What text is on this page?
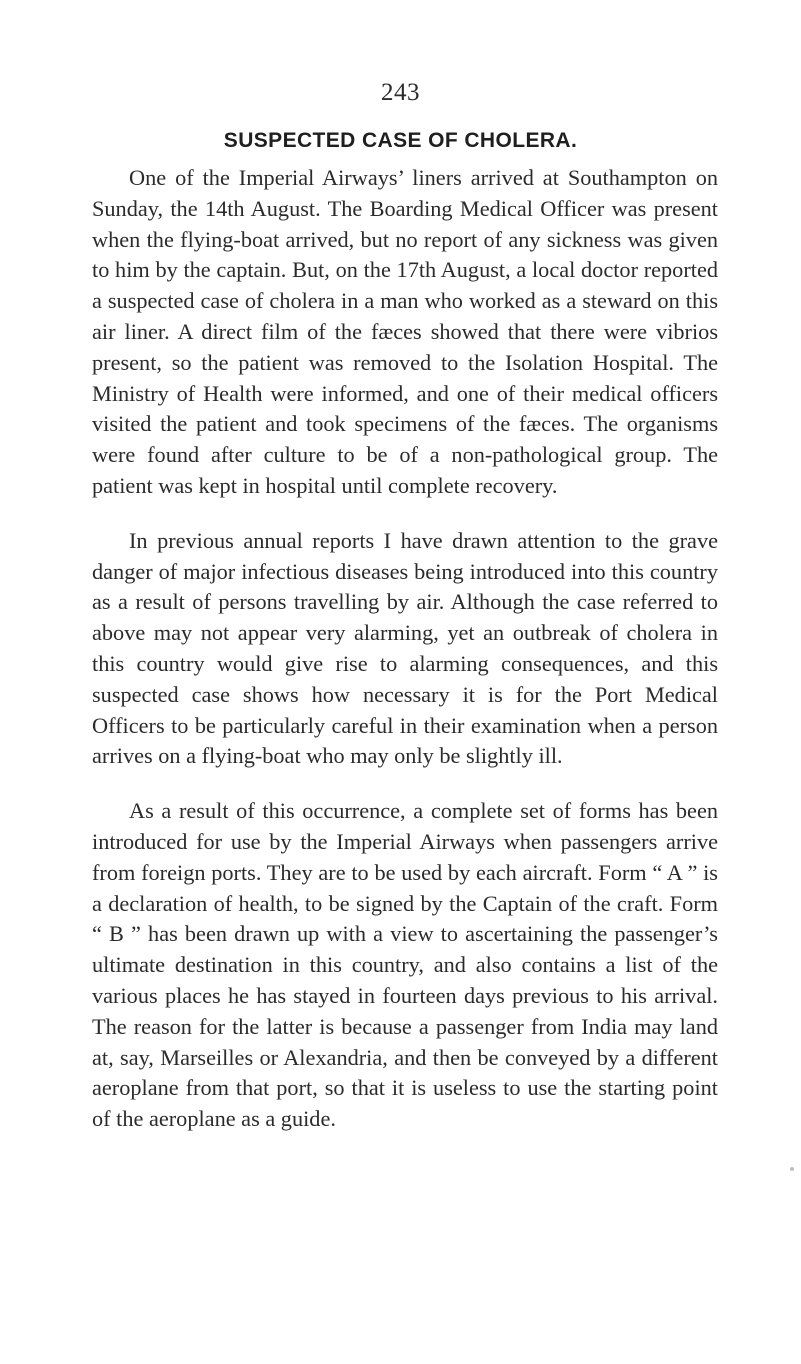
243
SUSPECTED CASE OF CHOLERA.

One of the Imperial Airways’ liners arrived at Southampton on Sunday, the 14th August. The Boarding Medical Officer was present when the flying-boat arrived, but no report of any sickness was given to him by the captain. But, on the 17th August, a local doctor reported a suspected case of cholera in a man who worked as a steward on this air liner. A direct film of the fæces showed that there were vibrios present, so the patient was removed to the Isolation Hospital. The Ministry of Health were informed, and one of their medical officers visited the patient and took specimens of the fæces. The organisms were found after culture to be of a non-pathological group. The patient was kept in hospital until complete recovery.

In previous annual reports I have drawn attention to the grave danger of major infectious diseases being introduced into this country as a result of persons travelling by air. Although the case referred to above may not appear very alarming, yet an outbreak of cholera in this country would give rise to alarming consequences, and this suspected case shows how necessary it is for the Port Medical Officers to be particularly careful in their examination when a person arrives on a flying-boat who may only be slightly ill.

As a result of this occurrence, a complete set of forms has been introduced for use by the Imperial Airways when passengers arrive from foreign ports. They are to be used by each aircraft. Form “ A ” is a declaration of health, to be signed by the Captain of the craft. Form “ B ” has been drawn up with a view to ascertaining the passenger’s ultimate destination in this country, and also contains a list of the various places he has stayed in fourteen days previous to his arrival. The reason for the latter is because a passenger from India may land at, say, Marseilles or Alexandria, and then be conveyed by a different aeroplane from that port, so that it is useless to use the starting point of the aeroplane as a guide.
